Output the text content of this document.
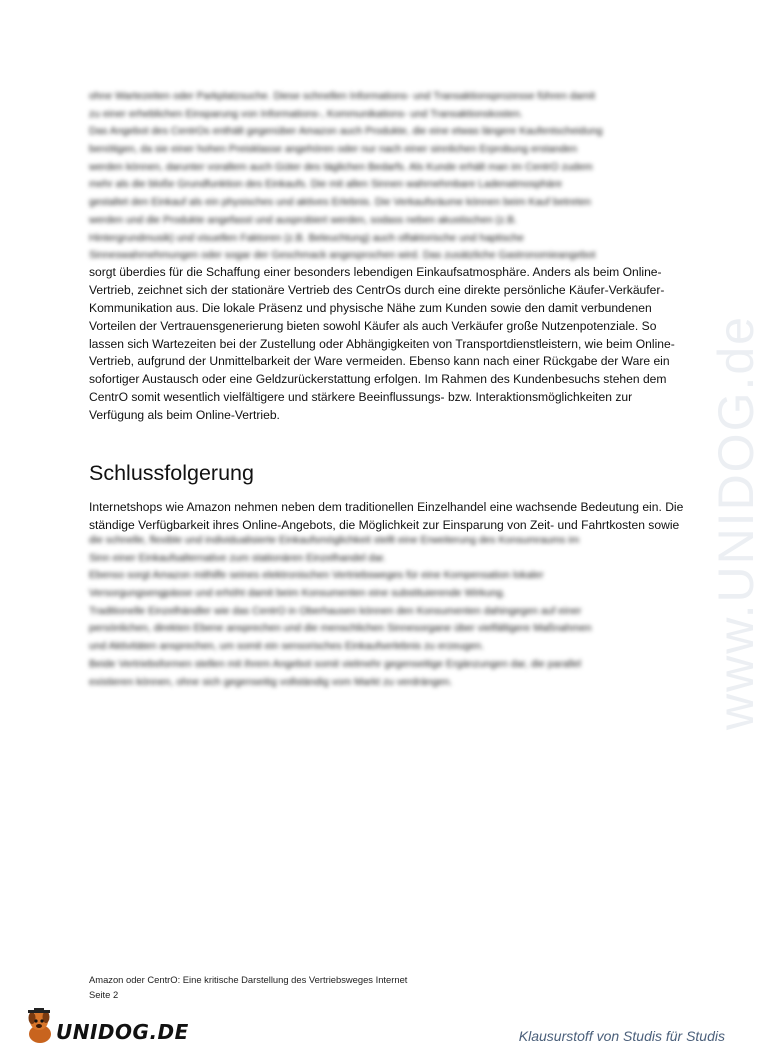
www.UNIDOG.de
ohne Wartezeiten oder Parkplatzsuche. Diese schnellen Informations- und Transaktionsprozesse führen damit
zu einer erheblichen Einsparung von Informations-, Kommunikations- und Transaktionskosten.
Das Angebot des CentrOs enthält gegenüber Amazon auch Produkte, die eine etwas längere Kaufentscheidung
benötigen, da sie einer hohen Preisklasse angehören oder nur nach einer sinnlichen Erprobung erstanden
werden können, darunter vorallem auch Güter des täglichen Bedarfs. Als Kunde erhält man im CentrO zudem
mehr als die bloße Grundfunktion des Einkaufs. Die mit allen Sinnen wahrnehmbare Ladenatmosphäre
gestaltet den Einkauf als ein physisches und aktives Erlebnis. Die Verkaufsräume können beim Kauf betreten
werden und die Produkte angefasst und ausprobiert werden, sodass neben akustischen (z.B.
Hintergrundmusik) und visuellen Faktoren (z.B. Beleuchtung) auch olfaktorische und haptische
Sinneswahrnehmungen oder sogar der Geschmack angesprochen wird. Das zusätzliche Gastronomieangebot
sorgt überdies für die Schaffung einer besonders lebendigen Einkaufsatmosphäre. Anders als beim Online-
Vertrieb, zeichnet sich der stationäre Vertrieb des CentrOs durch eine direkte persönliche Käufer-Verkäufer-
Kommunikation aus. Die lokale Präsenz und physische Nähe zum Kunden sowie den damit verbundenen
Vorteilen der Vertrauensgenerierung bieten sowohl Käufer als auch Verkäufer große Nutzenpotenziale. So
lassen sich Wartezeiten bei der Zustellung oder Abhängigkeiten von Transportdienstleistern, wie beim Online-
Vertrieb, aufgrund der Unmittelbarkeit der Ware vermeiden. Ebenso kann nach einer Rückgabe der Ware ein
sofortiger Austausch oder eine Geldzurückerstattung erfolgen. Im Rahmen des Kundenbesuchs stehen dem
CentrO somit wesentlich vielfältigere und stärkere Beeinflussungs- bzw. Interaktionsmöglichkeiten zur
Verfügung als beim Online-Vertrieb.
Schlussfolgerung
Internetshops wie Amazon nehmen neben dem traditionellen Einzelhandel eine wachsende Bedeutung ein. Die
ständige Verfügbarkeit ihres Online-Angebots, die Möglichkeit zur Einsparung von Zeit- und Fahrtkosten sowie
die schnelle, flexible und individualisierte Einkaufsmöglichkeit stellt eine Erweiterung des Konsumraums im
Sinn einer Einkaufsalternative zum stationären Einzelhandel dar.
Ebenso sorgt Amazon mithilfe seines elektronischen Vertriebsweges für eine Kompensation lokaler
Versorgungsengpässe und erhöht damit beim Konsumenten eine substituierende Wirkung.
Traditionelle Einzelhändler wie das CentrO in Oberhausen können den Konsumenten dahingegen auf einer
persönlichen, direkten Ebene ansprechen und die menschlichen Sinnesorgane über vielfältigere Maßnahmen
und Aktivitäten ansprechen, um somit ein sensorisches Einkaufserlebnis zu erzeugen.
Beide Vertriebsformen stellen mit ihrem Angebot somit vielmehr gegenseitige Ergänzungen dar, die parallel
existieren können, ohne sich gegenseitig vollständig vom Markt zu verdrängen.
Amazon oder CentrO: Eine kritische Darstellung des Vertriebsweges Internet
Seite 2
UNIDOG.DE	Klausurstoff von Studis für Studis
